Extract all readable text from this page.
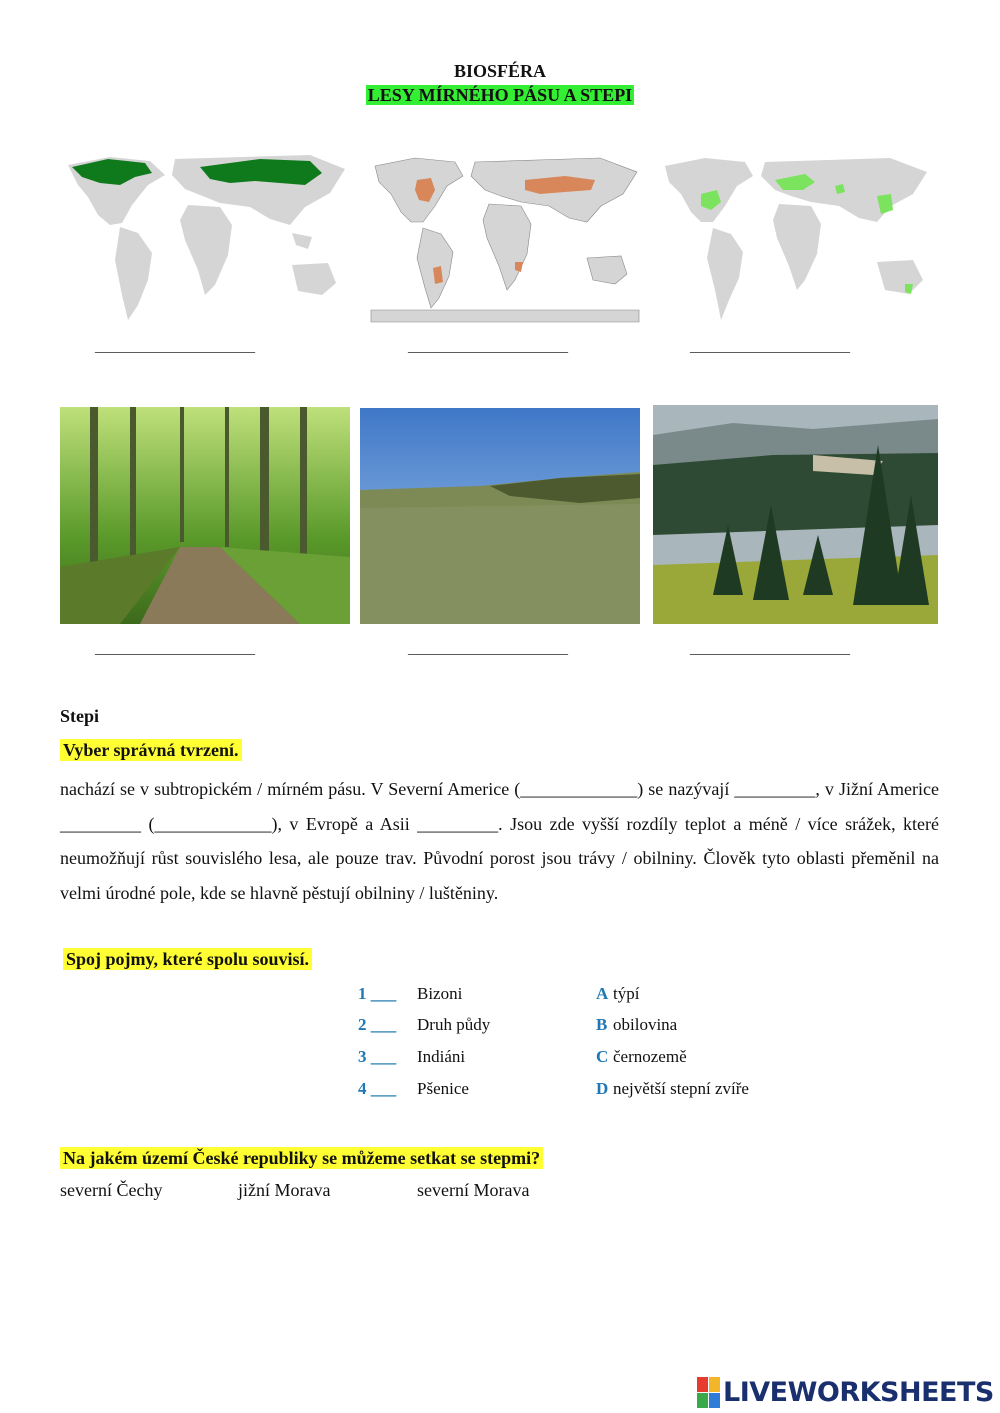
BIOSFÉRA
LESY MÍRNÉHO PÁSU A STEPI
____________________	____________________	____________________
____________________	____________________	____________________
Stepi
Vyber správná tvrzení.
nachází se v subtropickém / mírném pásu. V Severní Americe (_____________) se nazývají _________, v Jižní Americe _________ (_____________), v Evropě a Asii _________. Jsou zde vyšší rozdíly teplot a méně / více srážek, které neumožňují růst souvislého lesa, ale pouze trav. Původní porost jsou trávy / obilniny. Člověk tyto oblasti přeměnil na velmi úrodné pole, kde se hlavně pěstují obilniny / luštěniny.
Spoj pojmy, které spolu souvisí.
1 ___ Bizoni	A týpí
2 ___ Druh půdy	B obilovina
3 ___ Indiáni	C černozemě
4 ___ Pšenice	D největší stepní zvíře
Na jakém území České republiky se můžeme setkat se stepmi?
severní Čechy	jižní Morava	severní Morava
LIVEWORKSHEETS
